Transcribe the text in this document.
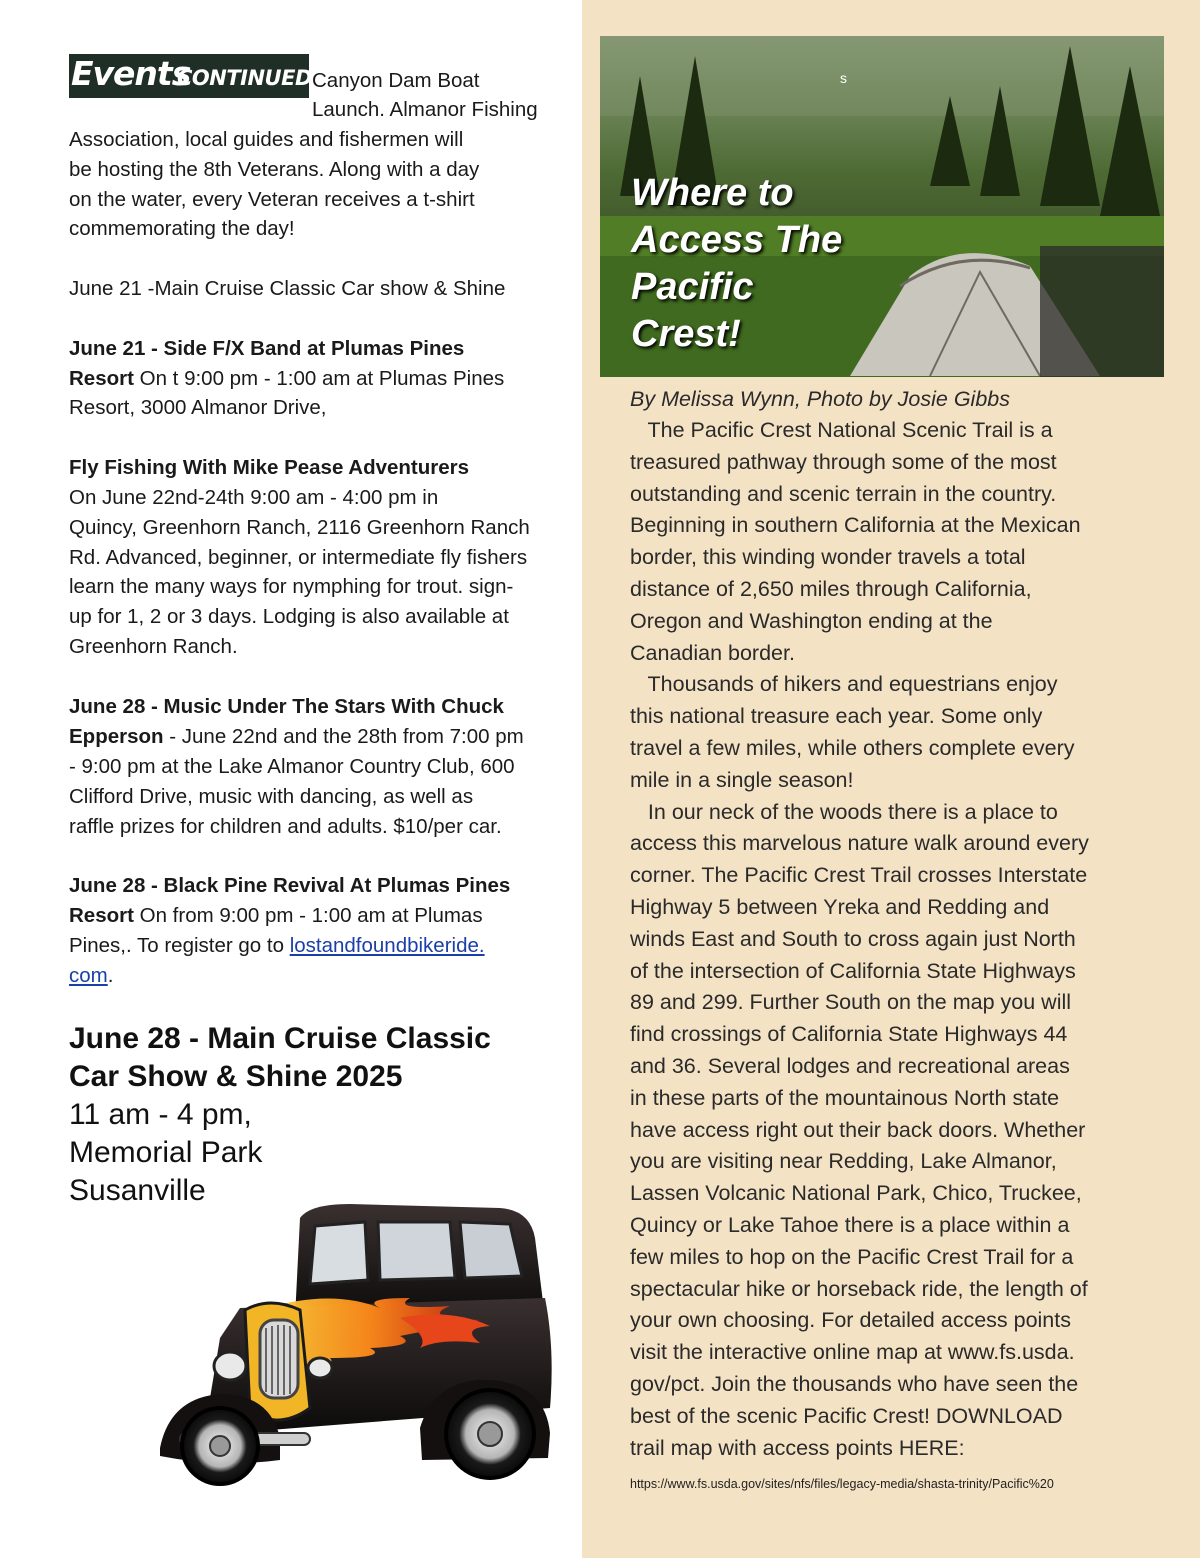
Events
CONTINUED Canyon Dam Boat
Launch. Almanor Fishing
Association, local guides and fishermen will
be hosting the 8th Veterans. Along with a day
on the water, every Veteran receives a t-shirt
commemorating the day!
June 21 -Main Cruise Classic Car show & Shine
June 21 - Side F/X Band at Plumas Pines
Resort On t 9:00 pm - 1:00 am at Plumas Pines
Resort, 3000 Almanor Drive,
Fly Fishing With Mike Pease Adventurers
On June 22nd-24th 9:00 am - 4:00 pm in
Quincy, Greenhorn Ranch, 2116 Greenhorn Ranch
Rd. Advanced, beginner, or intermediate fly fishers
learn the many ways for nymphing for trout. sign-
up for 1, 2 or 3 days. Lodging is also available at
Greenhorn Ranch.
June 28 - Music Under The Stars With Chuck
Epperson - June 22nd and the 28th from 7:00 pm
- 9:00 pm at the Lake Almanor Country Club, 600
Clifford Drive, music with dancing, as well as
raffle prizes for children and adults. $10/per car.
June 28 - Black Pine Revival At Plumas Pines
Resort On from 9:00 pm - 1:00 am at Plumas
Pines,. To register go to lostandfoundbikeride.
com.
June 28 - Main Cruise Classic
Car Show & Shine 2025
11 am - 4 pm,
Memorial Park
Susanville
s
Where to
Access The
Pacific
Crest!
By Melissa Wynn, Photo by Josie Gibbs
The Pacific Crest National Scenic Trail is a
treasured pathway through some of the most
outstanding and scenic terrain in the country.
Beginning in southern California at the Mexican
border, this winding wonder travels a total
distance of 2,650 miles through California,
Oregon and Washington ending at the
Canadian border.
Thousands of hikers and equestrians enjoy
this national treasure each year. Some only
travel a few miles, while others complete every
mile in a single season!
In our neck of the woods there is a place to
access this marvelous nature walk around every
corner. The Pacific Crest Trail crosses Interstate
Highway 5 between Yreka and Redding and
winds East and South to cross again just North
of the intersection of California State Highways
89 and 299. Further South on the map you will
find crossings of California State Highways 44
and 36. Several lodges and recreational areas
in these parts of the mountainous North state
have access right out their back doors. Whether
you are visiting near Redding, Lake Almanor,
Lassen Volcanic National Park, Chico, Truckee,
Quincy or Lake Tahoe there is a place within a
few miles to hop on the Pacific Crest Trail for a
spectacular hike or horseback ride, the length of
your own choosing. For detailed access points
visit the interactive online map at www.fs.usda.
gov/pct. Join the thousands who have seen the
best of the scenic Pacific Crest! DOWNLOAD
trail map with access points HERE:
https://www.fs.usda.gov/sites/nfs/files/legacy-media/shasta-trinity/Pacific%20
